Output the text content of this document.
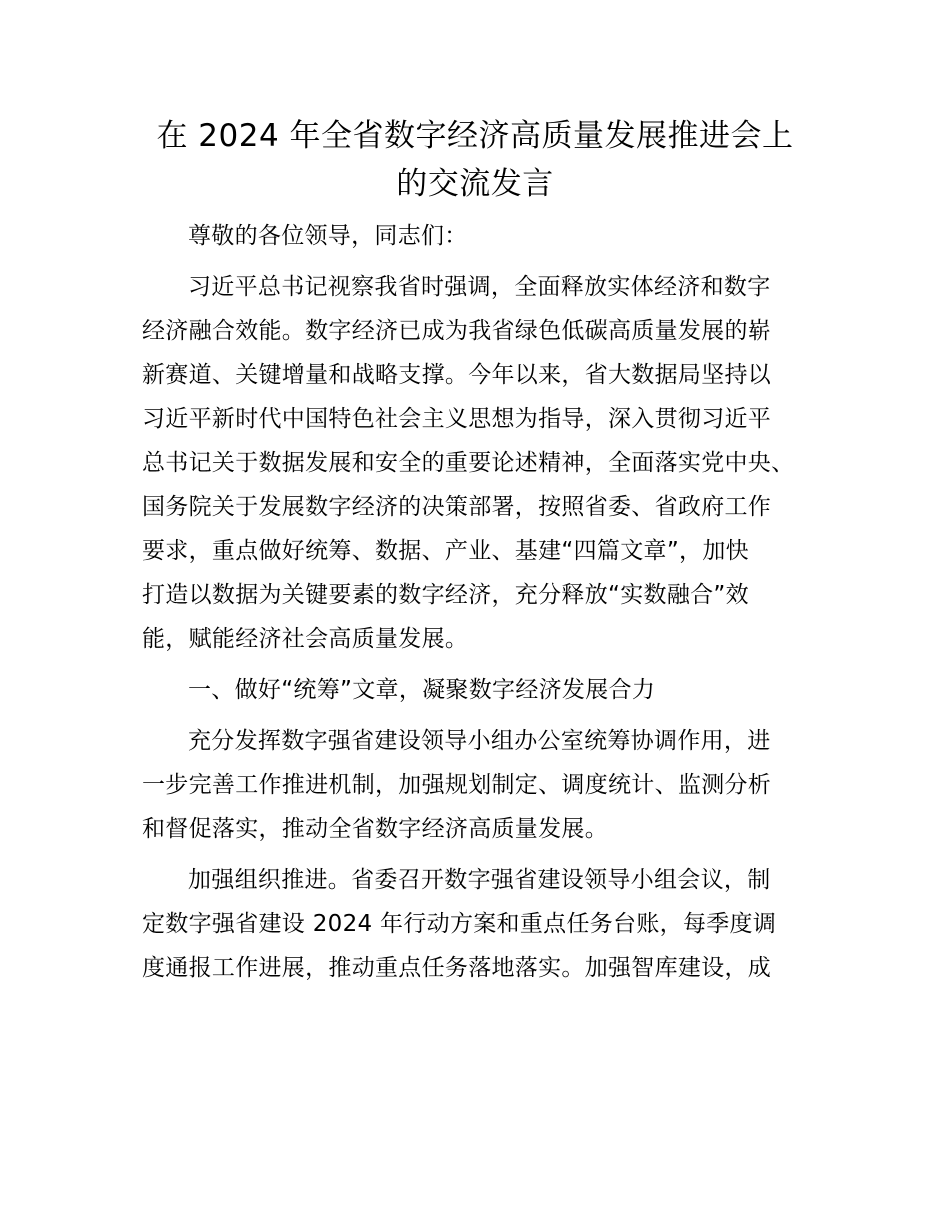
在 2024 年全省数字经济高质量发展推进会上
的交流发言

尊敬的各位领导，同志们：

习近平总书记视察我省时强调，全面释放实体经济和数字
经济融合效能。数字经济已成为我省绿色低碳高质量发展的崭
新赛道、关键增量和战略支撑。今年以来，省大数据局坚持以
习近平新时代中国特色社会主义思想为指导，深入贯彻习近平
总书记关于数据发展和安全的重要论述精神，全面落实党中央、
国务院关于发展数字经济的决策部署，按照省委、省政府工作
要求，重点做好统筹、数据、产业、基建“四篇文章”，加快
打造以数据为关键要素的数字经济，充分释放“实数融合”效
能，赋能经济社会高质量发展。

一、做好“统筹”文章，凝聚数字经济发展合力

充分发挥数字强省建设领导小组办公室统筹协调作用，进
一步完善工作推进机制，加强规划制定、调度统计、监测分析
和督促落实，推动全省数字经济高质量发展。

加强组织推进。省委召开数字强省建设领导小组会议，制
定数字强省建设 2024 年行动方案和重点任务台账，每季度调
度通报工作进展，推动重点任务落地落实。加强智库建设，成
